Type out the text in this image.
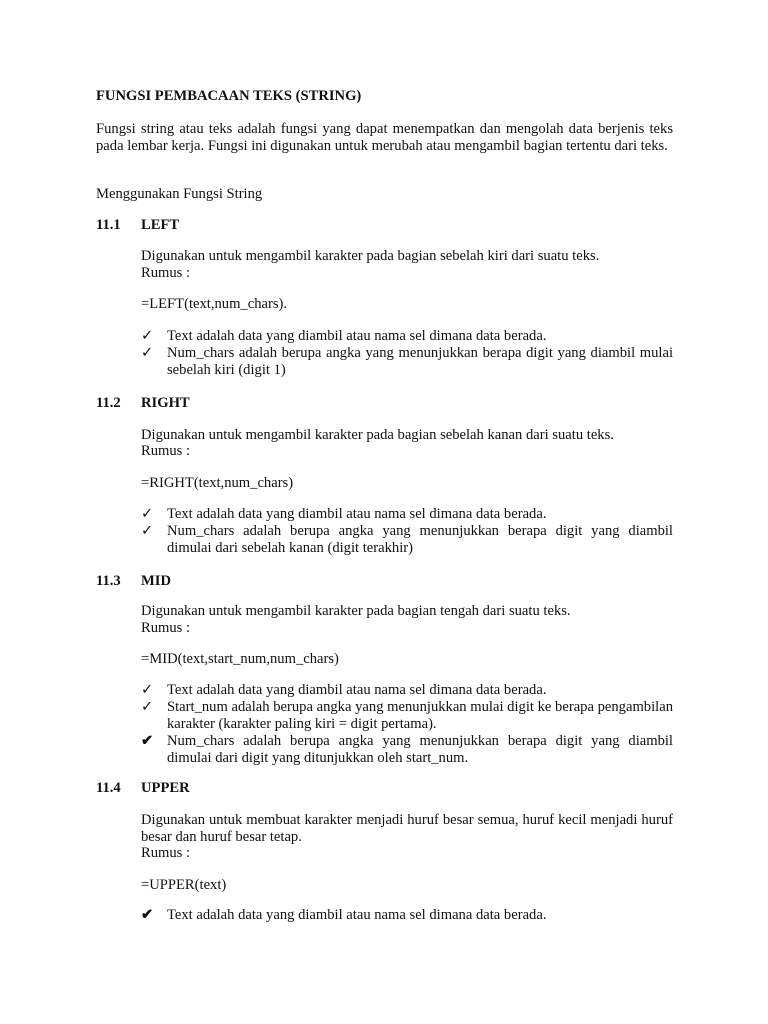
FUNGSI PEMBACAAN TEKS (STRING)
Fungsi string atau teks adalah fungsi yang dapat menempatkan dan mengolah data berjenis teks pada lembar kerja. Fungsi ini digunakan untuk merubah atau mengambil bagian tertentu dari teks.
Menggunakan Fungsi String
11.1 LEFT
Digunakan untuk mengambil karakter pada bagian sebelah kiri dari suatu teks.
Rumus :
=LEFT(text,num_chars).
✓ Text adalah data yang diambil atau nama sel dimana data berada.
✓ Num_chars adalah berupa angka yang menunjukkan berapa digit yang diambil mulai sebelah kiri (digit 1)
11.2 RIGHT
Digunakan untuk mengambil karakter pada bagian sebelah kanan dari suatu teks.
Rumus :
=RIGHT(text,num_chars)
✓ Text adalah data yang diambil atau nama sel dimana data berada.
✓ Num_chars adalah berupa angka yang menunjukkan berapa digit yang diambil dimulai dari sebelah kanan (digit terakhir)
11.3 MID
Digunakan untuk mengambil karakter pada bagian tengah dari suatu teks.
Rumus :
=MID(text,start_num,num_chars)
✓ Text adalah data yang diambil atau nama sel dimana data berada.
✓ Start_num adalah berupa angka yang menunjukkan mulai digit ke berapa pengambilan karakter (karakter paling kiri = digit pertama).
✔ Num_chars adalah berupa angka yang menunjukkan berapa digit yang diambil dimulai dari digit yang ditunjukkan oleh start_num.
11.4 UPPER
Digunakan untuk membuat karakter menjadi huruf besar semua, huruf kecil menjadi huruf besar dan huruf besar tetap.
Rumus :
=UPPER(text)
✔ Text adalah data yang diambil atau nama sel dimana data berada.
